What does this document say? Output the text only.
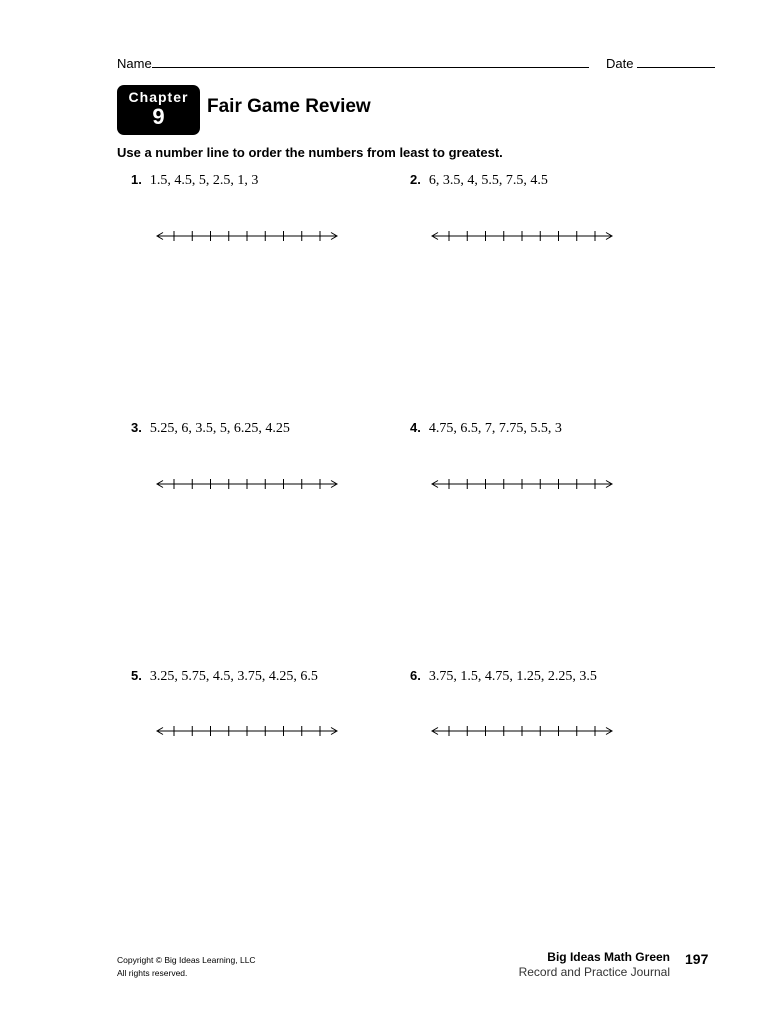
Name	Date
Chapter
9	Fair Game Review
Use a number line to order the numbers from least to greatest.
1. 1.5, 4.5, 5, 2.5, 1, 3	2. 6, 3.5, 4, 5.5, 7.5, 4.5
3. 5.25, 6, 3.5, 5, 6.25, 4.25	4. 4.75, 6.5, 7, 7.75, 5.5, 3
5. 3.25, 5.75, 4.5, 3.75, 4.25, 6.5	6. 3.75, 1.5, 4.75, 1.25, 2.25, 3.5
Copyright © Big Ideas Learning, LLC
All rights reserved.
Big Ideas Math Green
Record and Practice Journal
197
